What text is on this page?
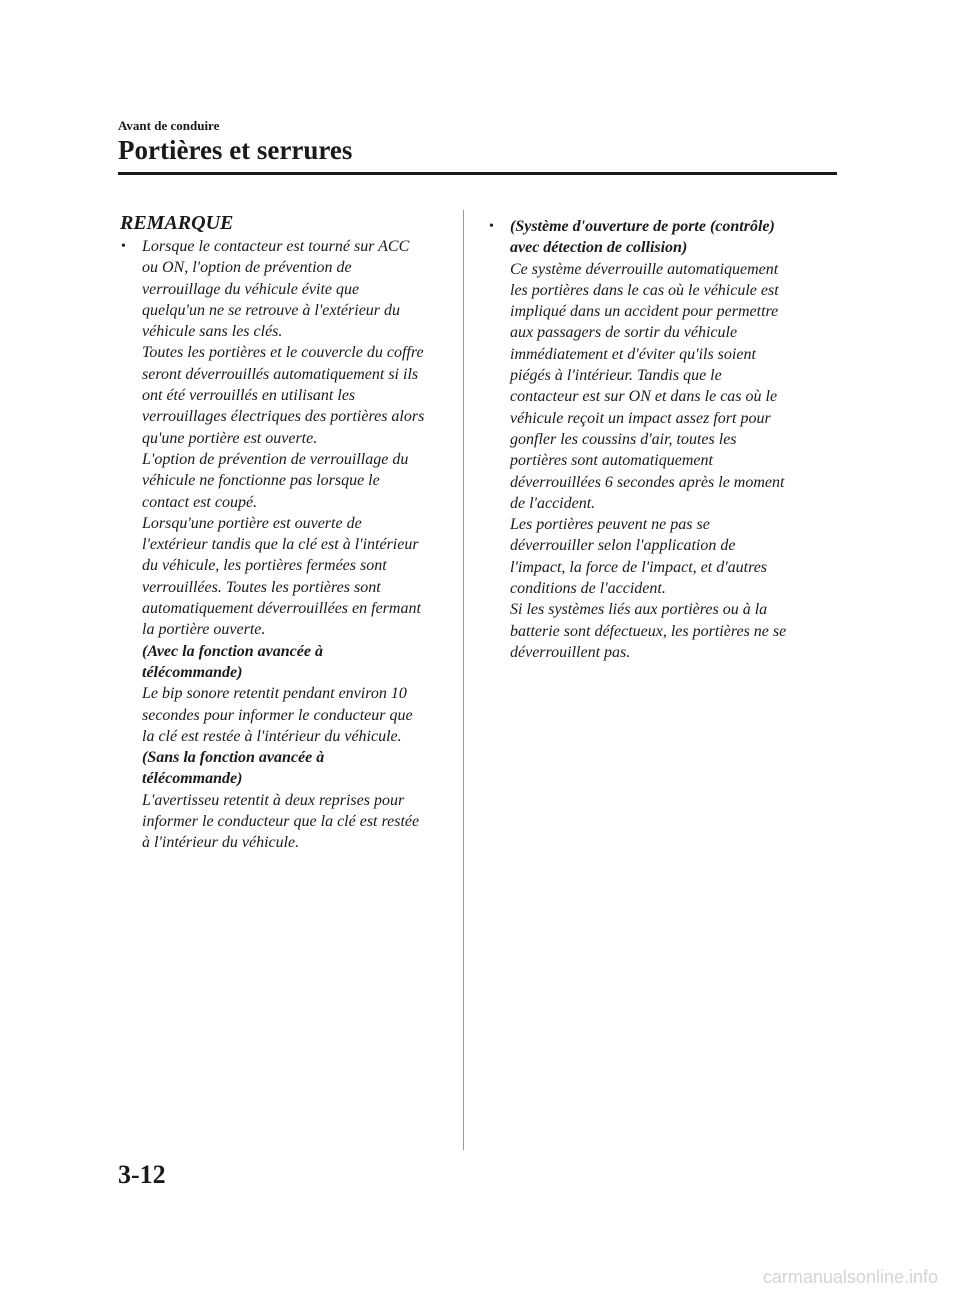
Avant de conduire

Portières et serrures
REMARQUE
• Lorsque le contacteur est tourné sur ACC
ou ON, l'option de prévention de
verrouillage du véhicule évite que
quelqu'un ne se retrouve à l'extérieur du
véhicule sans les clés.
Toutes les portières et le couvercle du coffre
seront déverrouillés automatiquement si ils
ont été verrouillés en utilisant les
verrouillages électriques des portières alors
qu'une portière est ouverte.
L'option de prévention de verrouillage du
véhicule ne fonctionne pas lorsque le
contact est coupé.
Lorsqu'une portière est ouverte de
l'extérieur tandis que la clé est à l'intérieur
du véhicule, les portières fermées sont
verrouillées. Toutes les portières sont
automatiquement déverrouillées en fermant
la portière ouverte.
(Avec la fonction avancée à
télécommande)
Le bip sonore retentit pendant environ 10
secondes pour informer le conducteur que
la clé est restée à l'intérieur du véhicule.
(Sans la fonction avancée à
télécommande)
L'avertisseu retentit à deux reprises pour
informer le conducteur que la clé est restée
à l'intérieur du véhicule.
• (Système d'ouverture de porte (contrôle)
avec détection de collision)
Ce système déverrouille automatiquement
les portières dans le cas où le véhicule est
impliqué dans un accident pour permettre
aux passagers de sortir du véhicule
immédiatement et d'éviter qu'ils soient
piégés à l'intérieur. Tandis que le
contacteur est sur ON et dans le cas où le
véhicule reçoit un impact assez fort pour
gonfler les coussins d'air, toutes les
portières sont automatiquement
déverrouillées 6 secondes après le moment
de l'accident.
Les portières peuvent ne pas se
déverrouiller selon l'application de
l'impact, la force de l'impact, et d'autres
conditions de l'accident.
Si les systèmes liés aux portières ou à la
batterie sont défectueux, les portières ne se
déverrouillent pas.

3-12

carmanualsonline.info
